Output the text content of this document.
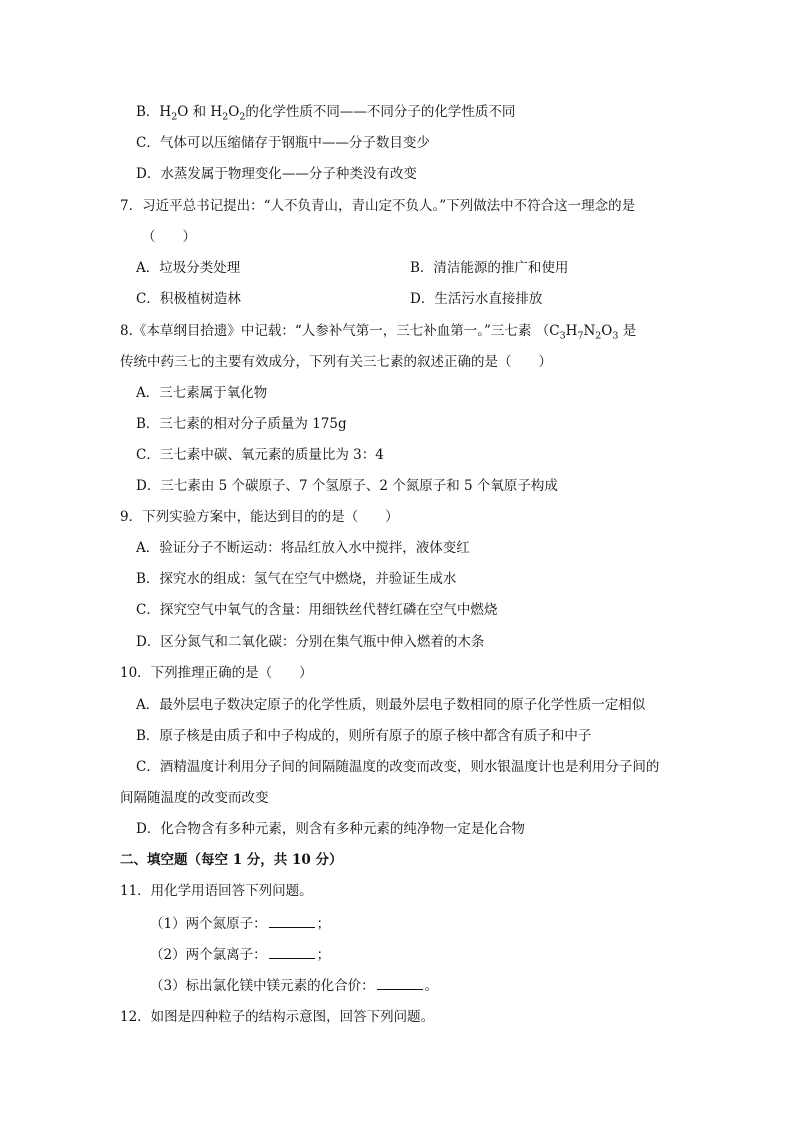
B．$H_2O$ 和 $H_2O_2$的化学性质不同——不同分子的化学性质不同
C．气体可以压缩储存于钢瓶中——分子数目变少
D．水蒸发属于物理变化——分子种类没有改变
7．习近平总书记提出：“人不负青山，青山定不负人。”下列做法中不符合这一理念的是
（　　）
A．垃圾分类处理	B．清洁能源的推广和使用
C．积极植树造林	D．生活污水直接排放
8.《本草纲目拾遗》中记载：“人参补气第一，三七补血第一。”三七素 （$C_3H_7N_2O_3$ 是
传统中药三七的主要有效成分，下列有关三七素的叙述正确的是（　　）
A．三七素属于氧化物
B．三七素的相对分子质量为 175g
C．三七素中碳、氧元素的质量比为 3：4
D．三七素由 5 个碳原子、7 个氢原子、2 个氮原子和 5 个氧原子构成
9．下列实验方案中，能达到目的的是（　　）
A．验证分子不断运动：将品红放入水中搅拌，液体变红
B．探究水的组成：氢气在空气中燃烧，并验证生成水
C．探究空气中氧气的含量：用细铁丝代替红磷在空气中燃烧
D．区分氮气和二氧化碳：分别在集气瓶中伸入燃着的木条
10．下列推理正确的是（　　）
A．最外层电子数决定原子的化学性质，则最外层电子数相同的原子化学性质一定相似
B．原子核是由质子和中子构成的，则所有原子的原子核中都含有质子和中子
C．酒精温度计利用分子间的间隔随温度的改变而改变，则水银温度计也是利用分子间的
间隔随温度的改变而改变
D．化合物含有多种元素，则含有多种元素的纯净物一定是化合物
二、填空题（每空 1 分，共 10 分）
11．用化学用语回答下列问题。
（1）两个氮原子：	；
（2）两个氯离子：	；
（3）标出氯化镁中镁元素的化合价：	。
12．如图是四种粒子的结构示意图，回答下列问题。
